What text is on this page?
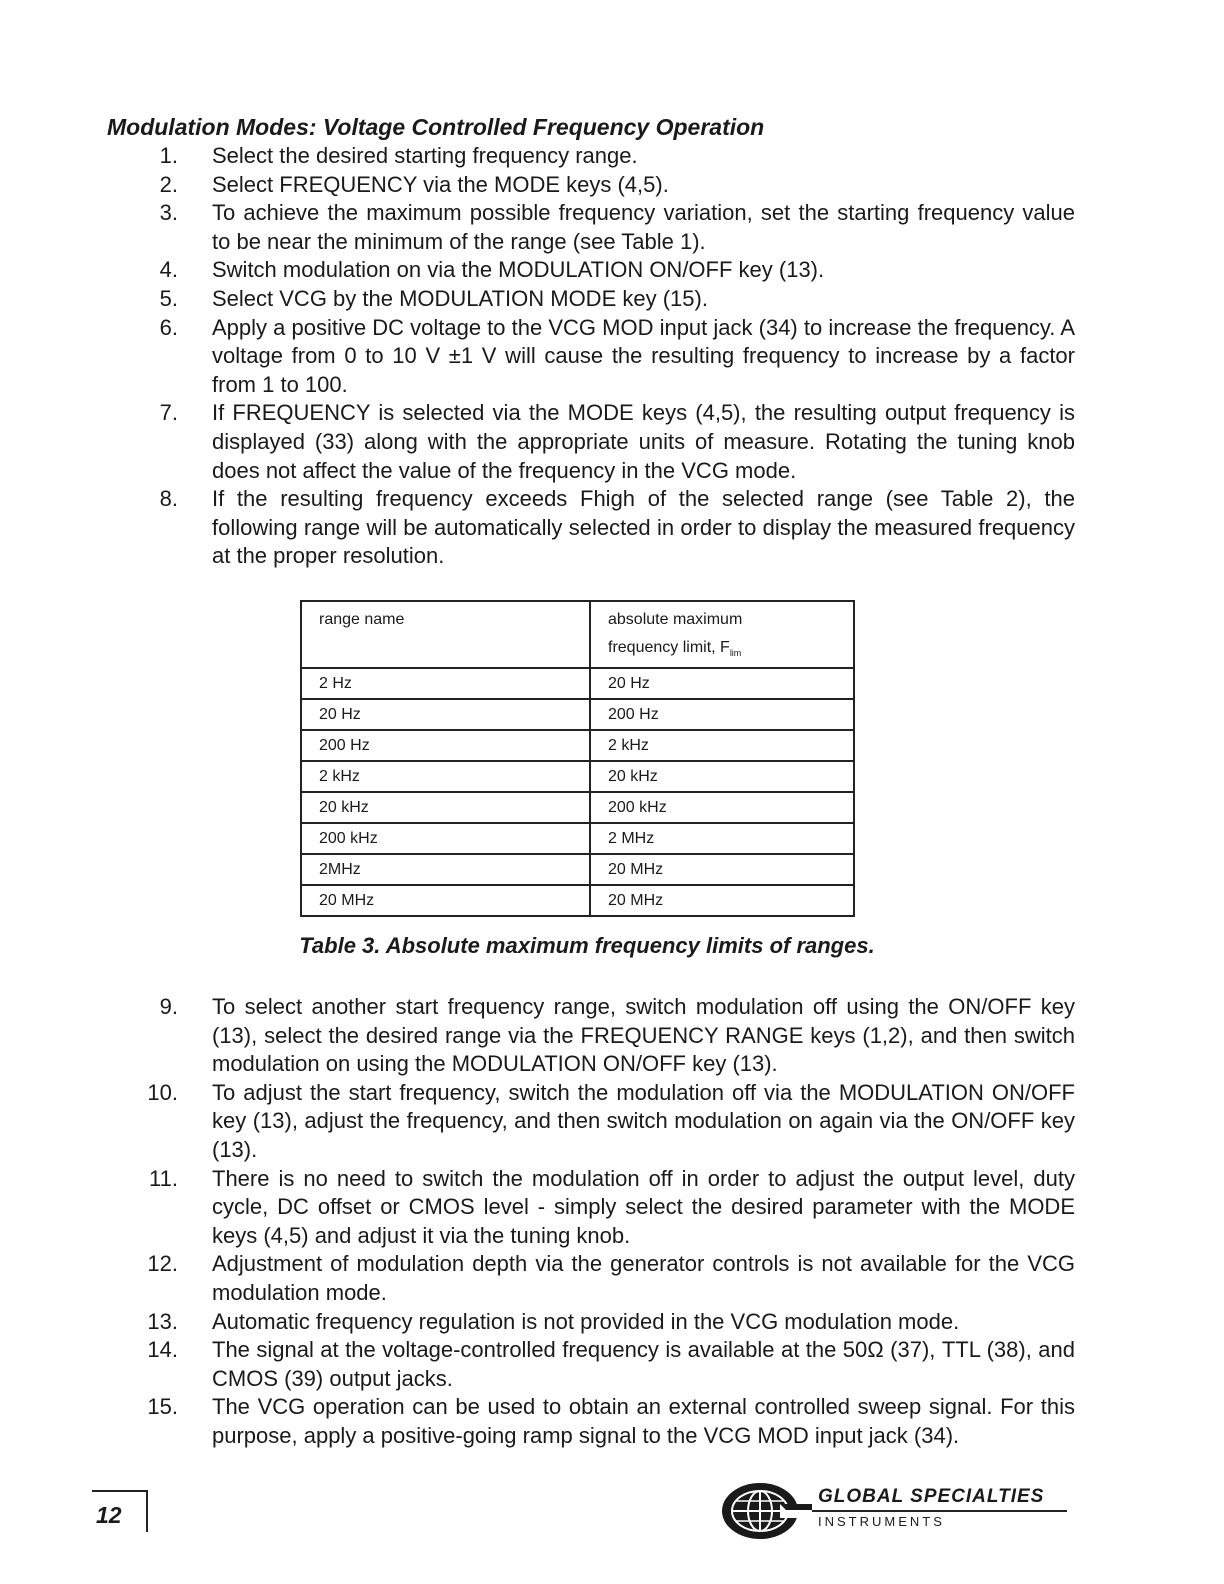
Modulation Modes: Voltage Controlled Frequency Operation
1. Select the desired starting frequency range.
2. Select FREQUENCY via the MODE keys (4,5).
3. To achieve the maximum possible frequency variation, set the starting frequency value to be near the minimum of the range (see Table 1).
4. Switch modulation on via the MODULATION ON/OFF key (13).
5. Select VCG by the MODULATION MODE key (15).
6. Apply a positive DC voltage to the VCG MOD input jack (34) to increase the frequency. A voltage from 0 to 10 V ±1 V will cause the resulting frequency to increase by a factor from 1 to 100.
7. If FREQUENCY is selected via the MODE keys (4,5), the resulting output frequency is displayed (33) along with the appropriate units of measure. Rotating the tuning knob does not affect the value of the frequency in the VCG mode.
8. If the resulting frequency exceeds Fhigh of the selected range (see Table 2), the following range will be automatically selected in order to display the measured frequency at the proper resolution.
range name	absolute maximum
frequency limit, $F_{lim}$
2 Hz	20 Hz
20 Hz	200 Hz
200 Hz	2 kHz
2 kHz	20 kHz
20 kHz	200 kHz
200 kHz	2 MHz
2MHz	20 MHz
20 MHz	20 MHz
Table 3. Absolute maximum frequency limits of ranges.
9. To select another start frequency range, switch modulation off using the ON/OFF key (13), select the desired range via the FREQUENCY RANGE keys (1,2), and then switch modulation on using the MODULATION ON/OFF key (13).
10. To adjust the start frequency, switch the modulation off via the MODULATION ON/OFF key (13), adjust the frequency, and then switch modulation on again via the ON/OFF key (13).
11. There is no need to switch the modulation off in order to adjust the output level, duty cycle, DC offset or CMOS level - simply select the desired parameter with the MODE keys (4,5) and adjust it via the tuning knob.
12. Adjustment of modulation depth via the generator controls is not available for the VCG modulation mode.
13. Automatic frequency regulation is not provided in the VCG modulation mode.
14. The signal at the voltage-controlled frequency is available at the 50Ω (37), TTL (38), and CMOS (39) output jacks.
15. The VCG operation can be used to obtain an external controlled sweep signal. For this purpose, apply a positive-going ramp signal to the VCG MOD input jack (34).
12
GLOBAL SPECIALTIES
INSTRUMENTS
